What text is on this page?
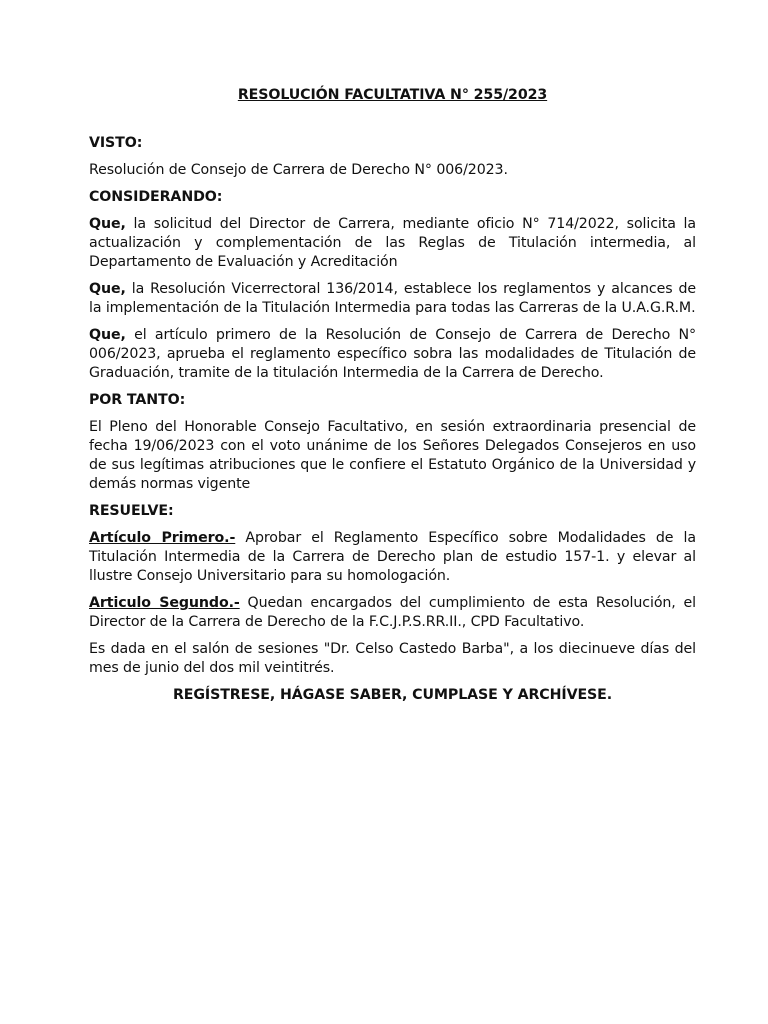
RESOLUCIÓN FACULTATIVA N° 255/2023

VISTO:

Resolución de Consejo de Carrera de Derecho N° 006/2023.

CONSIDERANDO:

Que, la solicitud del Director de Carrera, mediante oficio N° 714/2022, solicita la actualización y complementación de las Reglas de Titulación intermedia, al Departamento de Evaluación y Acreditación

Que, la Resolución Vicerrectoral 136/2014, establece los reglamentos y alcances de la implementación de la Titulación Intermedia para todas las Carreras de la U.A.G.R.M.

Que, el artículo primero de la Resolución de Consejo de Carrera de Derecho N° 006/2023, aprueba el reglamento específico sobra las modalidades de Titulación de Graduación, tramite de la titulación Intermedia de la Carrera de Derecho.

POR TANTO:

El Pleno del Honorable Consejo Facultativo, en sesión extraordinaria presencial de fecha 19/06/2023 con el voto unánime de los Señores Delegados Consejeros en uso de sus legítimas atribuciones que le confiere el Estatuto Orgánico de la Universidad y demás normas vigente

RESUELVE:

Artículo Primero.- Aprobar el Reglamento Específico sobre Modalidades de la Titulación Intermedia de la Carrera de Derecho plan de estudio 157-1. y elevar al llustre Consejo Universitario para su homologación.

Articulo Segundo.- Quedan encargados del cumplimiento de esta Resolución, el Director de la Carrera de Derecho de la F.C.J.P.S.RR.II., CPD Facultativo.

Es dada en el salón de sesiones "Dr. Celso Castedo Barba", a los diecinueve días del mes de junio del dos mil veintitrés.

REGÍSTRESE, HÁGASE SABER, CUMPLASE Y ARCHÍVESE.
